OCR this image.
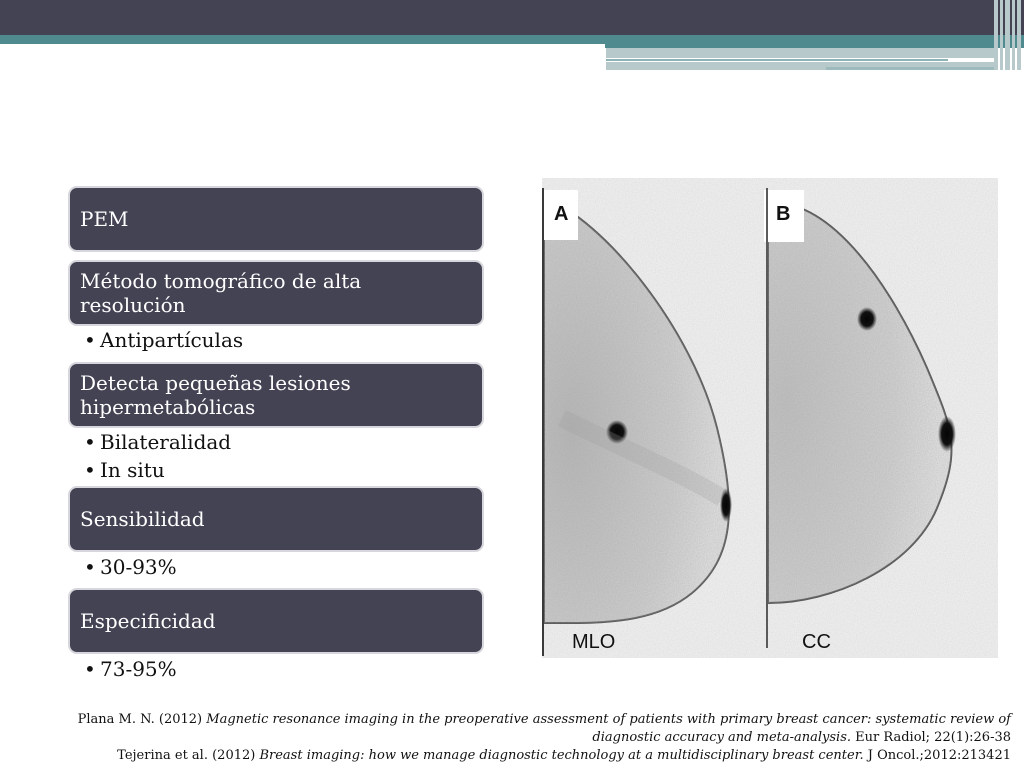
PEM
Método tomográfico de alta resolución
• Antipartículas
Detecta pequeñas lesiones hipermetabólicas
• Bilateralidad
• In situ
Sensibilidad
• 30-93%
Especificidad
• 73-95%
A	B
MLO	CC
Plana M. N. (2012) Magnetic resonance imaging in the preoperative assessment of patients with primary breast cancer: systematic review of diagnostic accuracy and meta-analysis. Eur Radiol; 22(1):26-38
Tejerina et al. (2012) Breast imaging: how we manage diagnostic technology at a multidisciplinary breast center. J Oncol.;2012:213421
